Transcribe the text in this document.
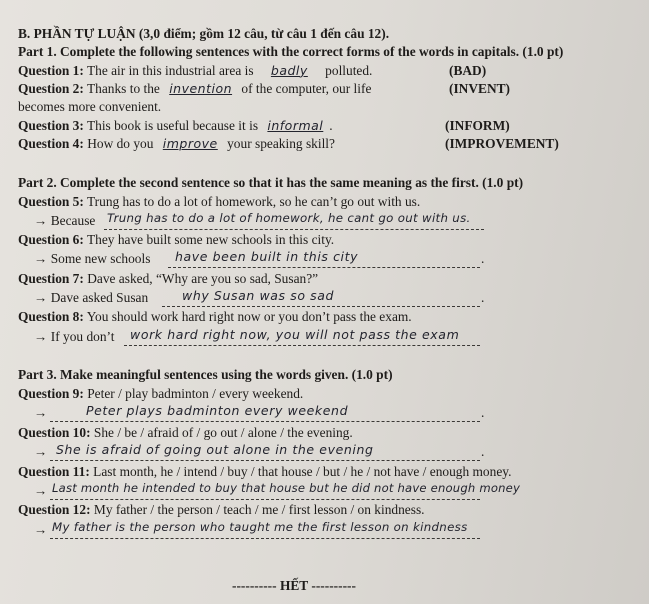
B. PHẦN TỰ LUẬN (3,0 điểm; gồm 12 câu, từ câu 1 đến câu 12).
Part 1. Complete the following sentences with the correct forms of the words in capitals. (1.0 pt)
Question 1: The air in this industrial area is badly polluted.	(BAD)
Question 2: Thanks to the invention of the computer, our life	(INVENT)
becomes more convenient.
Question 3: This book is useful because it is informal .	(INFORM)
Question 4: How do you improve your speaking skill?	(IMPROVEMENT)
Part 2. Complete the second sentence so that it has the same meaning as the first. (1.0 pt)
Question 5: Trung has to do a lot of homework, so he can’t go out with us.
→ Because Trung has to do a lot of homework, he cant go out with us.
Question 6: They have built some new schools in this city.
→ Some new schools have been built in this city	.
Question 7: Dave asked, “Why are you so sad, Susan?”
→ Dave asked Susan	why Susan was so sad	.
Question 8: You should work hard right now or you don’t pass the exam.
→ If you don’t work hard right now, you will not pass the exam
Part 3. Make meaningful sentences using the words given. (1.0 pt)
Question 9: Peter / play badminton / every weekend.
→	Peter plays badminton every weekend	.
Question 10: She / be / afraid of / go out / alone / the evening.
→ She is afraid of going out alone in the evening	.
Question 11: Last month, he / intend / buy / that house / but / he / not have / enough money.
→ Last month he intended to buy that house but he did not have enough money
Question 12: My father / the person / teach / me / first lesson / on kindness.
→ My father is the person who taught me the first lesson on kindness
---------- HẾT ----------
